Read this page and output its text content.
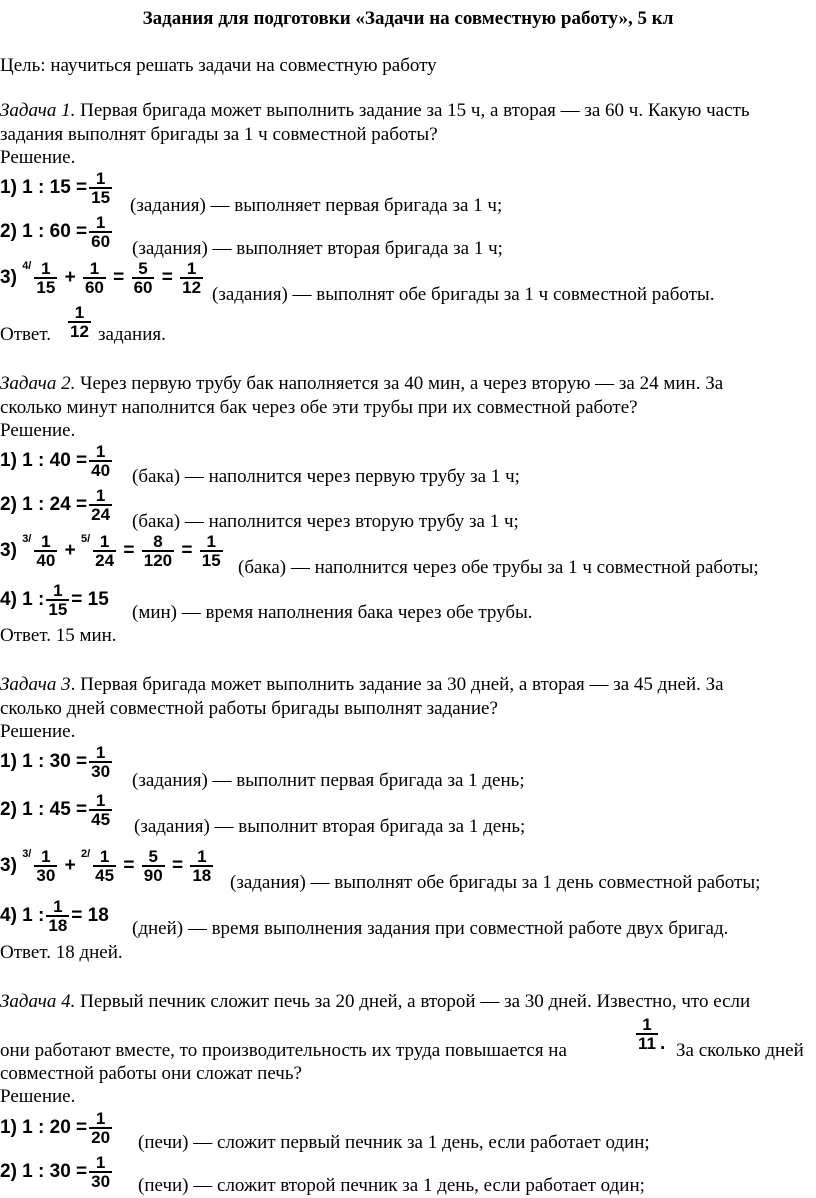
Задания для подготовки «Задачи на совместную работу», 5 кл
Цель: научиться решать задачи на совместную работу
Задача 1. Первая бригада может выполнить задание за 15 ч, а вторая — за 60 ч. Какую часть
задания выполнят бригады за 1 ч совместной работы?
Решение.
1) 1 : $15 = \frac{1}{15}$ (задания) — выполняет первая бригада за 1 ч;
2) 1 : $60 = \frac{1}{60}$ (задания) — выполняет вторая бригада за 1 ч;
3) $^{4/} \frac{1}{15} + \frac{1}{60} = \frac{5}{60} = \frac{1}{12}$ (задания) — выполнят обе бригады за 1 ч совместной работы.
Ответ. $\frac{1}{12}$ задания.
Задача 2. Через первую трубу бак наполняется за 40 мин, а через вторую — за 24 мин. За
сколько минут наполнится бак через обе эти трубы при их совместной работе?
Решение.
1) 1 : $40 = \frac{1}{40}$ (бака) — наполнится через первую трубу за 1 ч;
2) 1 : $24 = \frac{1}{24}$ (бака) — наполнится через вторую трубу за 1 ч;
3) $^{3/} \frac{1}{40} + ^{5/} \frac{1}{24} = \frac{8}{120} = \frac{1}{15}$ (бака) — наполнится через обе трубы за 1 ч совместной работы;
4) 1 : $\frac{1}{15} = 15$
(мин) — время наполнения бака через обе трубы.
Ответ. 15 мин.
Задача 3. Первая бригада может выполнить задание за 30 дней, а вторая — за 45 дней. За
сколько дней совместной работы бригады выполнят задание?
Решение.
1) 1 : $30 = \frac{1}{30}$
(задания) — выполнит первая бригада за 1 день;
2) 1 : $45 = \frac{1}{45}$ (задания) — выполнит вторая бригада за 1 день;
3) $^{3/} \frac{1}{30} + ^{2/} \frac{1}{45} = \frac{5}{90} = \frac{1}{18}$ (задания) — выполнят обе бригады за 1 день совместной работы;
4) 1 : $\frac{1}{18} = 18$
(дней) — время выполнения задания при совместной работе двух бригад.
Ответ. 18 дней.
Задача 4. Первый печник сложит печь за 20 дней, а второй — за 30 дней. Известно, что если
они работают вместе, то производительность их труда повышается на	$\frac{1}{11}$ . За сколько дней
совместной работы они сложат печь?
Решение.
1) 1 : $20 = \frac{1}{20}$ (печи) — сложит первый печник за 1 день, если работает один;
2) 1 : $30 = \frac{1}{30}$ (печи) — сложит второй печник за 1 день, если работает один;
